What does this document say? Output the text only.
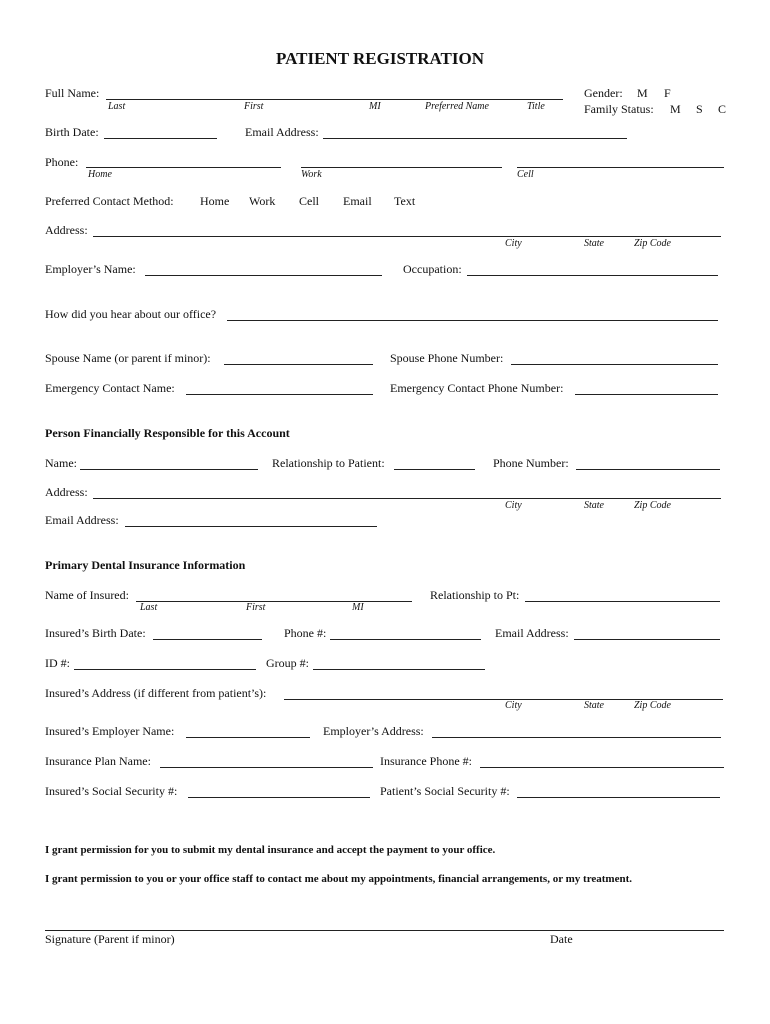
PATIENT REGISTRATION
Full Name:
Last	First	MI	Preferred Name	Title
Gender: M F
Family Status: M S C
Birth Date:	Email Address:
Phone:
Home	Work	Cell
Preferred Contact Method: Home Work Cell Email Text
Address:
City	State	Zip Code
Employer’s Name:	Occupation:
How did you hear about our office?
Spouse Name (or parent if minor):	Spouse Phone Number:
Emergency Contact Name:	Emergency Contact Phone Number:
Person Financially Responsible for this Account
Name:	Relationship to Patient:	Phone Number:
Address:
City	State	Zip Code
Email Address:
Primary Dental Insurance Information
Name of Insured:
Last	First	MI
Relationship to Pt:
Insured’s Birth Date:	Phone #:	Email Address:
ID #:	Group #:
Insured’s Address (if different from patient’s):
City	State	Zip Code
Insured’s Employer Name:	Employer’s Address:
Insurance Plan Name:	Insurance Phone #:
Insured’s Social Security #:	Patient’s Social Security #:
I grant permission for you to submit my dental insurance and accept the payment to your office.
I grant permission to you or your office staff to contact me about my appointments, financial arrangements, or my treatment.
Signature (Parent if minor)	Date
